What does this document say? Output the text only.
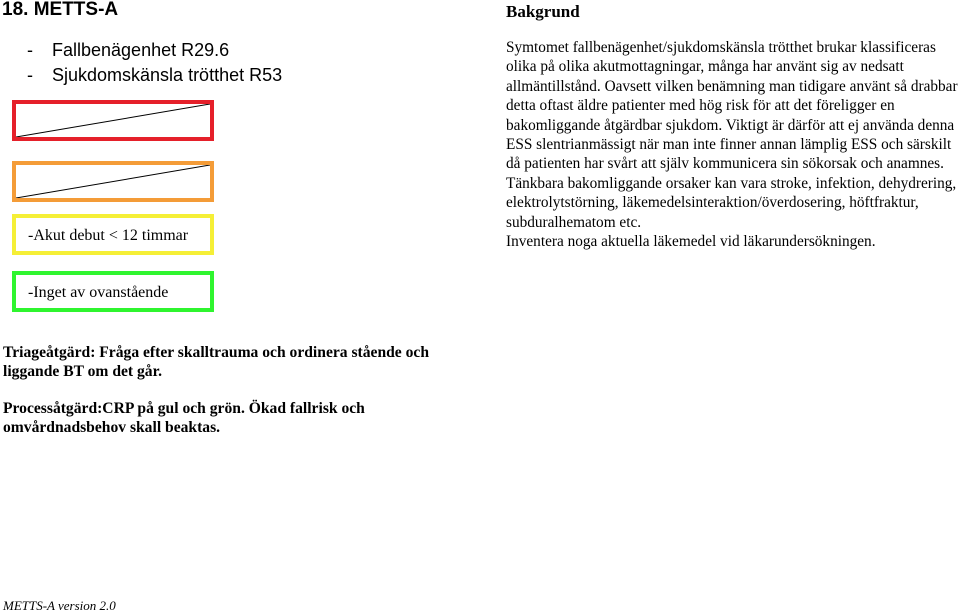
18. METTS-A
- Fallbenägenhet R29.6
- Sjukdomskänsla trötthet R53
-Akut debut < 12 timmar
-Inget av ovanstående
Bakgrund

Symtomet fallbenägenhet/sjukdomskänsla trötthet brukar klassificeras olika på olika akutmottagningar, många har använt sig av nedsatt allmäntillstånd. Oavsett vilken benämning man tidigare använt så drabbar detta oftast äldre patienter med hög risk för att det föreligger en bakomliggande åtgärdbar sjukdom. Viktigt är därför att ej använda denna ESS slentrianmässigt när man inte finner annan lämplig ESS och särskilt då patienten har svårt att själv kommunicera sin sökorsak och anamnes.

Tänkbara bakomliggande orsaker kan vara stroke, infektion, dehydrering, elektrolytstörning, läkemedelsinteraktion/överdosering, höftfraktur, subduralhematom etc.

Inventera noga aktuella läkemedel vid läkarundersökningen.

Triageåtgärd: Fråga efter skalltrauma och ordinera stående och liggande BT om det går.
Processåtgärd:CRP på gul och grön. Ökad fallrisk och omvårdnadsbehov skall beaktas.
METTS-A version 2.0
